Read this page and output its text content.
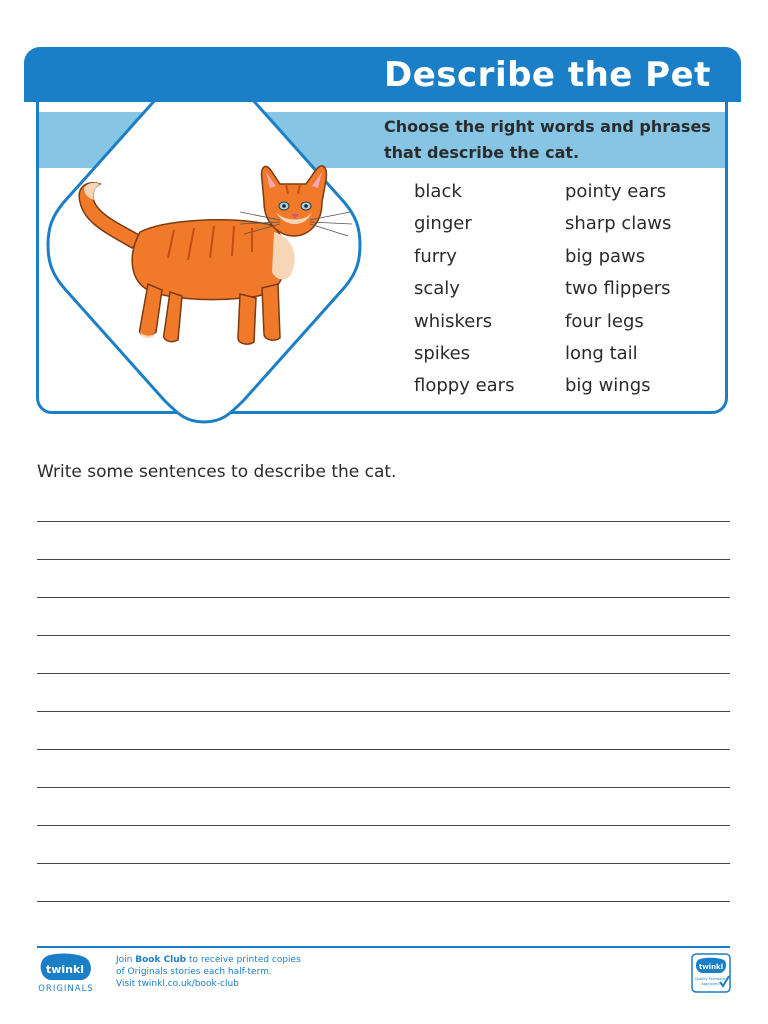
Describe the Pet
Choose the right words and phrases that describe the cat.
black
ginger
furry
scaly
whiskers
spikes
floppy ears
pointy ears
sharp claws
big paws
two flippers
four legs
long tail
big wings
Write some sentences to describe the cat.
twinkl
ORIGINALS
Join Book Club to receive printed copies
of Originals stories each half-term.
Visit twinkl.co.uk/book-club
twinkl
Quality Standard
Approved
